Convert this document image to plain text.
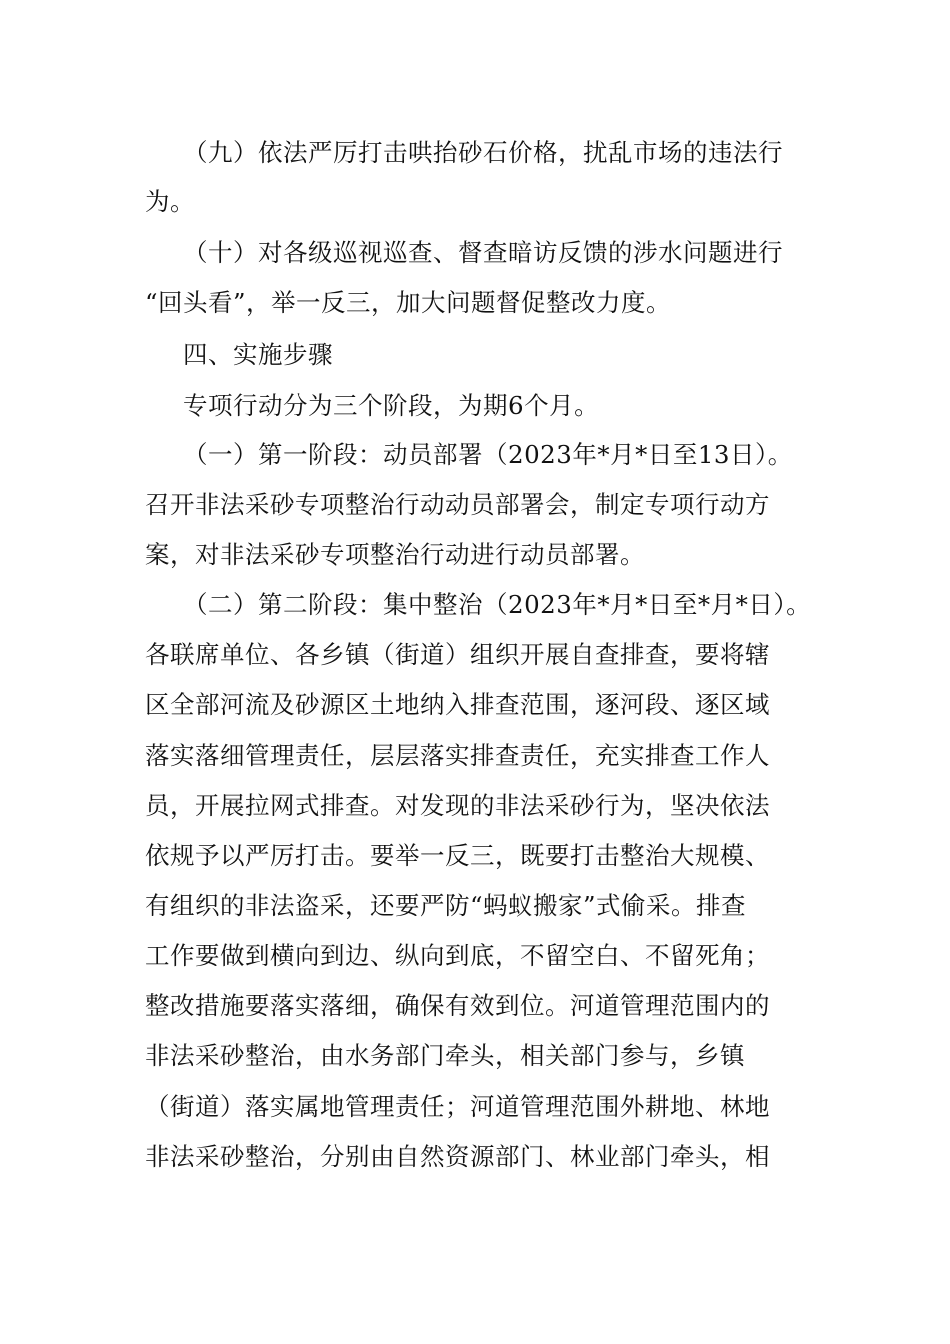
（九）依法严厉打击哄抬砂石价格，扰乱市场的违法行
为。
（十）对各级巡视巡查、督查暗访反馈的涉水问题进行
“回头看”，举一反三，加大问题督促整改力度。
四、实施步骤
专项行动分为三个阶段，为期6个月。
（一）第一阶段：动员部署（2023年*月*日至13日）。
召开非法采砂专项整治行动动员部署会，制定专项行动方
案，对非法采砂专项整治行动进行动员部署。
（二）第二阶段：集中整治（2023年*月*日至*月*日）。
各联席单位、各乡镇（街道）组织开展自查排查，要将辖
区全部河流及砂源区土地纳入排查范围，逐河段、逐区域
落实落细管理责任，层层落实排查责任，充实排查工作人
员，开展拉网式排查。对发现的非法采砂行为，坚决依法
依规予以严厉打击。要举一反三，既要打击整治大规模、
有组织的非法盗采，还要严防“蚂蚁搬家”式偷采。排查
工作要做到横向到边、纵向到底，不留空白、不留死角；
整改措施要落实落细，确保有效到位。河道管理范围内的
非法采砂整治，由水务部门牵头，相关部门参与，乡镇
（街道）落实属地管理责任；河道管理范围外耕地、林地
非法采砂整治，分别由自然资源部门、林业部门牵头，相
